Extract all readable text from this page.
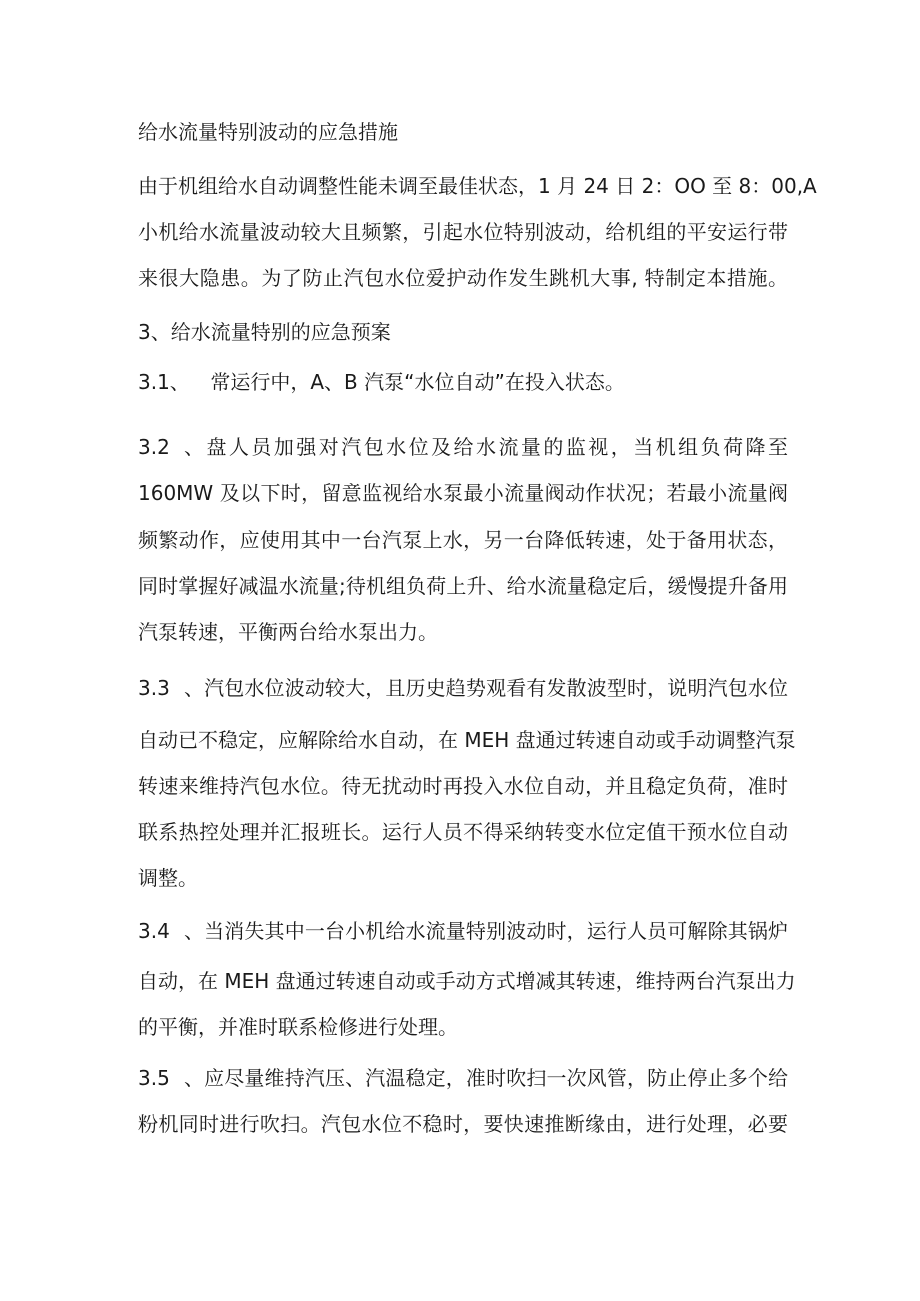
给水流量特别波动的应急措施
由于机组给水自动调整性能未调至最佳状态，1 月 24 日 2：OO 至 8：00,A
小机给水流量波动较大且频繁，引起水位特别波动，给机组的平安运行带
来很大隐患。为了防止汽包水位爱护动作发生跳机大事, 特制定本措施。
3、给水流量特别的应急预案
3.1、 常运行中，A、B 汽泵“水位自动”在投入状态。
3.2、盘人员加强对汽包水位及给水流量的监视，当机组负荷降至
160MW 及以下时，留意监视给水泵最小流量阀动作状况；若最小流量阀
频繁动作，应使用其中一台汽泵上水，另一台降低转速，处于备用状态，
同时掌握好减温水流量;待机组负荷上升、给水流量稳定后，缓慢提升备用
汽泵转速，平衡两台给水泵出力。
3.3、汽包水位波动较大，且历史趋势观看有发散波型时，说明汽包水位
自动已不稳定，应解除给水自动，在 MEH 盘通过转速自动或手动调整汽泵
转速来维持汽包水位。待无扰动时再投入水位自动，并且稳定负荷，准时
联系热控处理并汇报班长。运行人员不得采纳转变水位定值干预水位自动
调整。
3.4、当消失其中一台小机给水流量特别波动时，运行人员可解除其锅炉
自动，在 MEH 盘通过转速自动或手动方式增减其转速，维持两台汽泵出力
的平衡，并准时联系检修进行处理。
3.5、应尽量维持汽压、汽温稳定，准时吹扫一次风管，防止停止多个给
粉机同时进行吹扫。汽包水位不稳时，要快速推断缘由，进行处理，必要
